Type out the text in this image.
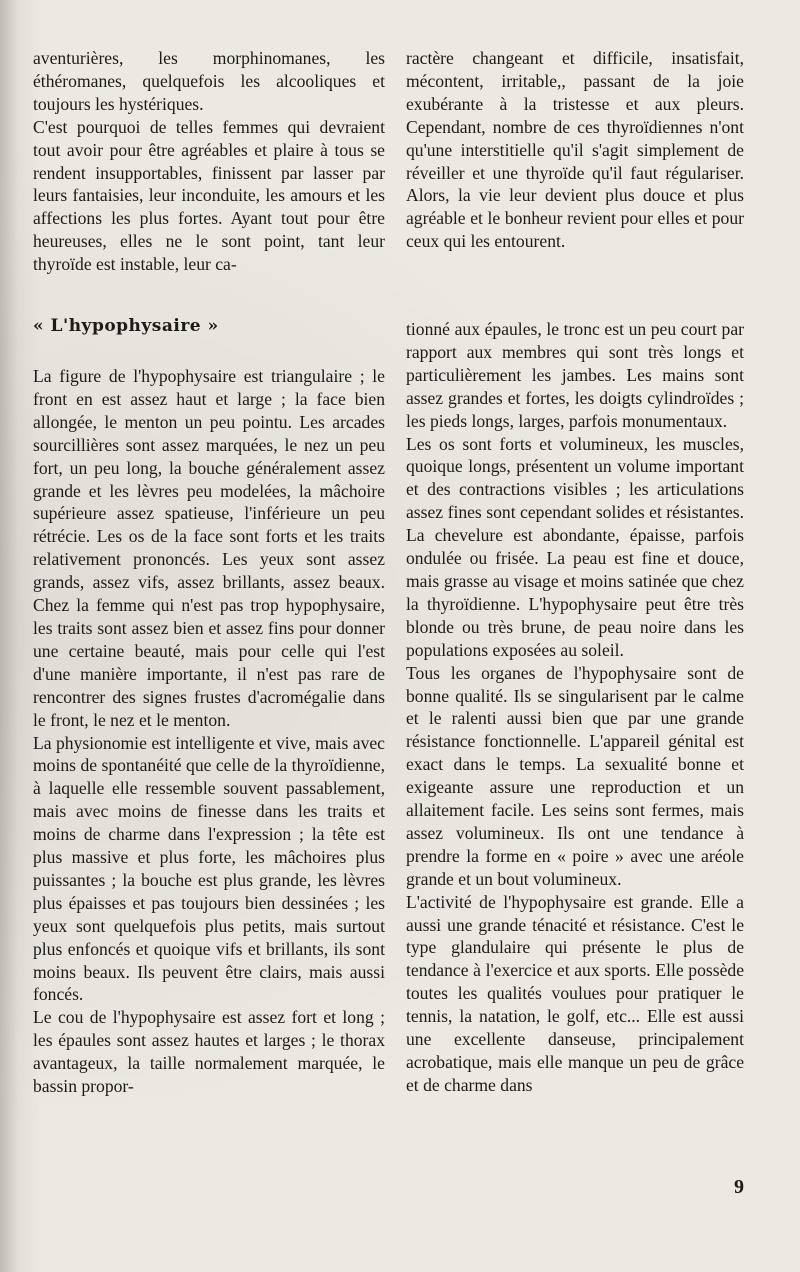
aventurières, les morphinomanes, les éthéromanes, quelquefois les alcooliques et toujours les hystériques.

C'est pourquoi de telles femmes qui devraient tout avoir pour être agréables et plaire à tous se rendent insupportables, finissent par lasser par leurs fantaisies, leur inconduite, les amours et les affections les plus fortes. Ayant tout pour être heureuses, elles ne le sont point, tant leur thyroïde est instable, leur ca-

ractère changeant et difficile, insatisfait, mécontent, irritable,, passant de la joie exubérante à la tristesse et aux pleurs. Cependant, nombre de ces thyroïdiennes n'ont qu'une interstitielle qu'il s'agit simplement de réveiller et une thyroïde qu'il faut régulariser. Alors, la vie leur devient plus douce et plus agréable et le bonheur revient pour elles et pour ceux qui les entourent.

« L'hypophysaire »

La figure de l'hypophysaire est triangulaire ; le front en est assez haut et large ; la face bien allongée, le menton un peu pointu. Les arcades sourcillières sont assez marquées, le nez un peu fort, un peu long, la bouche généralement assez grande et les lèvres peu modelées, la mâchoire supérieure assez spatieuse, l'inférieure un peu rétrécie. Les os de la face sont forts et les traits relativement prononcés. Les yeux sont assez grands, assez vifs, assez brillants, assez beaux. Chez la femme qui n'est pas trop hypophysaire, les traits sont assez bien et assez fins pour donner une certaine beauté, mais pour celle qui l'est d'une manière importante, il n'est pas rare de rencontrer des signes frustes d'acromégalie dans le front, le nez et le menton.

La physionomie est intelligente et vive, mais avec moins de spontanéité que celle de la thyroïdienne, à laquelle elle ressemble souvent passablement, mais avec moins de finesse dans les traits et moins de charme dans l'expression ; la tête est plus massive et plus forte, les mâchoires plus puissantes ; la bouche est plus grande, les lèvres plus épaisses et pas toujours bien dessinées ; les yeux sont quelquefois plus petits, mais surtout plus enfoncés et quoique vifs et brillants, ils sont moins beaux. Ils peuvent être clairs, mais aussi foncés.

Le cou de l'hypophysaire est assez fort et long ; les épaules sont assez hautes et larges ; le thorax avantageux, la taille normalement marquée, le bassin propor-

tionné aux épaules, le tronc est un peu court par rapport aux membres qui sont très longs et particulièrement les jambes. Les mains sont assez grandes et fortes, les doigts cylindroïdes ; les pieds longs, larges, parfois monumentaux.

Les os sont forts et volumineux, les muscles, quoique longs, présentent un volume important et des contractions visibles ; les articulations assez fines sont cependant solides et résistantes. La chevelure est abondante, épaisse, parfois ondulée ou frisée. La peau est fine et douce, mais grasse au visage et moins satinée que chez la thyroïdienne. L'hypophysaire peut être très blonde ou très brune, de peau noire dans les populations exposées au soleil.

Tous les organes de l'hypophysaire sont de bonne qualité. Ils se singularisent par le calme et le ralenti aussi bien que par une grande résistance fonctionnelle. L'appareil génital est exact dans le temps. La sexualité bonne et exigeante assure une reproduction et un allaitement facile. Les seins sont fermes, mais assez volumineux. Ils ont une tendance à prendre la forme en « poire » avec une aréole grande et un bout volumineux.

L'activité de l'hypophysaire est grande. Elle a aussi une grande ténacité et résistance. C'est le type glandulaire qui présente le plus de tendance à l'exercice et aux sports. Elle possède toutes les qualités voulues pour pratiquer le tennis, la natation, le golf, etc... Elle est aussi une excellente danseuse, principalement acrobatique, mais elle manque un peu de grâce et de charme dans

9
